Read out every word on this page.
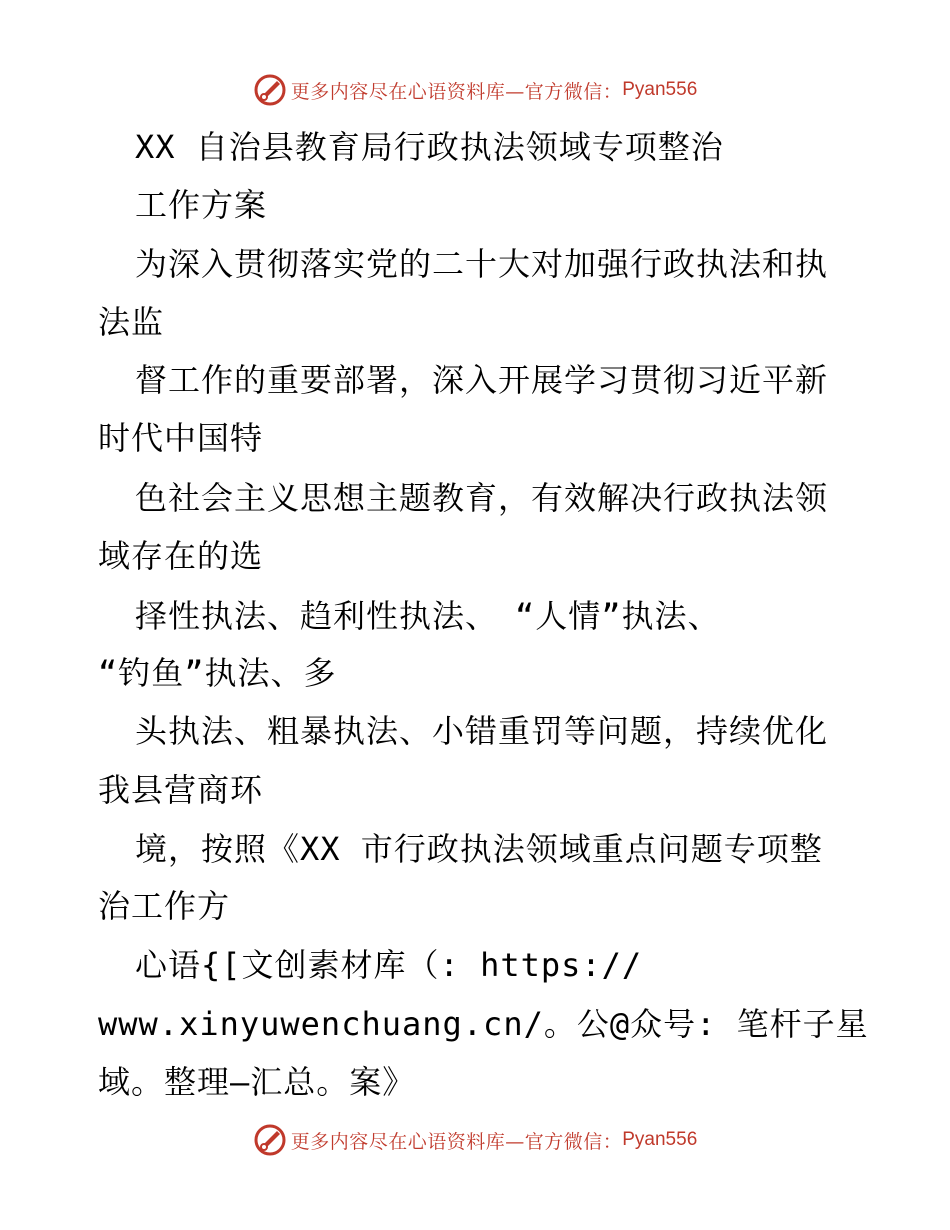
更多内容尽在心语资料库—官方微信： Pyan556
XX 自治县教育局行政执法领域专项整治
工作方案
为深入贯彻落实党的二十大对加强行政执法和执
法监
督工作的重要部署，深入开展学习贯彻习近平新
时代中国特
色社会主义思想主题教育，有效解决行政执法领
域存在的选
择性执法、趋利性执法、　“人情”执法、
“钓鱼”执法、多
头执法、粗暴执法、小错重罚等问题，持续优化
我县营商环
境，按照《XX 市行政执法领域重点问题专项整
治工作方
心语{[文创素材库（: https://
www.xinyuwenchuang.cn/。公@众号: 笔杆子星
域。整理—汇总。案》
更多内容尽在心语资料库—官方微信： Pyan556
